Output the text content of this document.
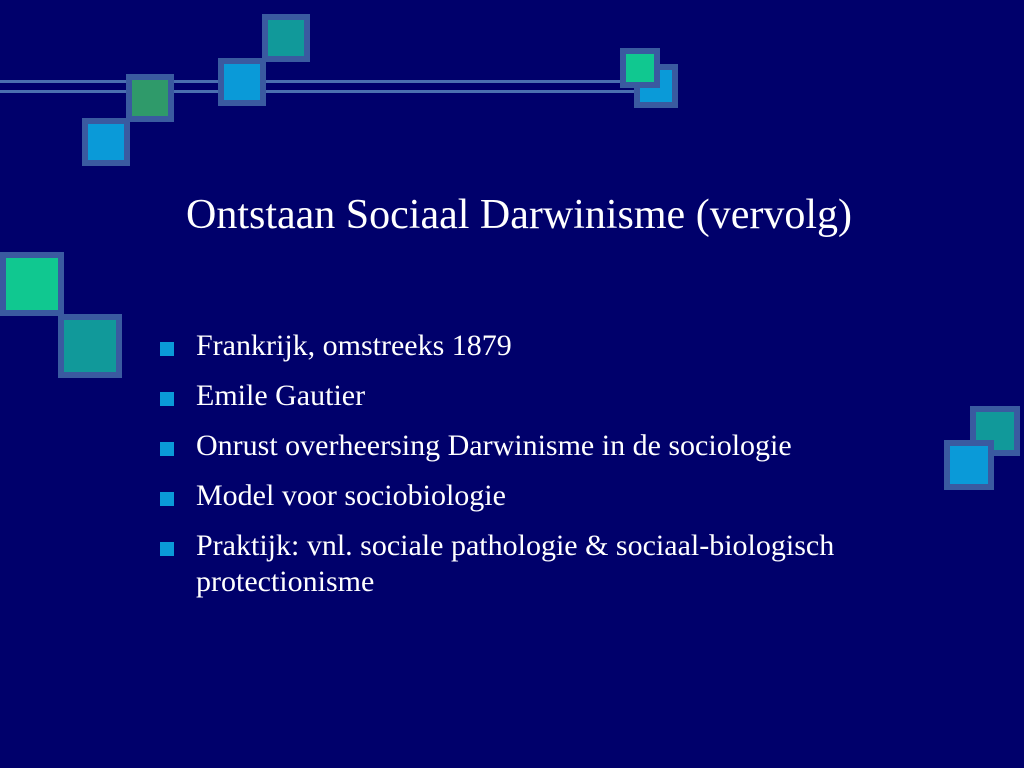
Ontstaan Sociaal Darwinisme (vervolg)
Frankrijk, omstreeks 1879
Emile Gautier
Onrust overheersing Darwinisme in de sociologie
Model voor sociobiologie
Praktijk: vnl. sociale pathologie & sociaal-biologisch protectionisme
